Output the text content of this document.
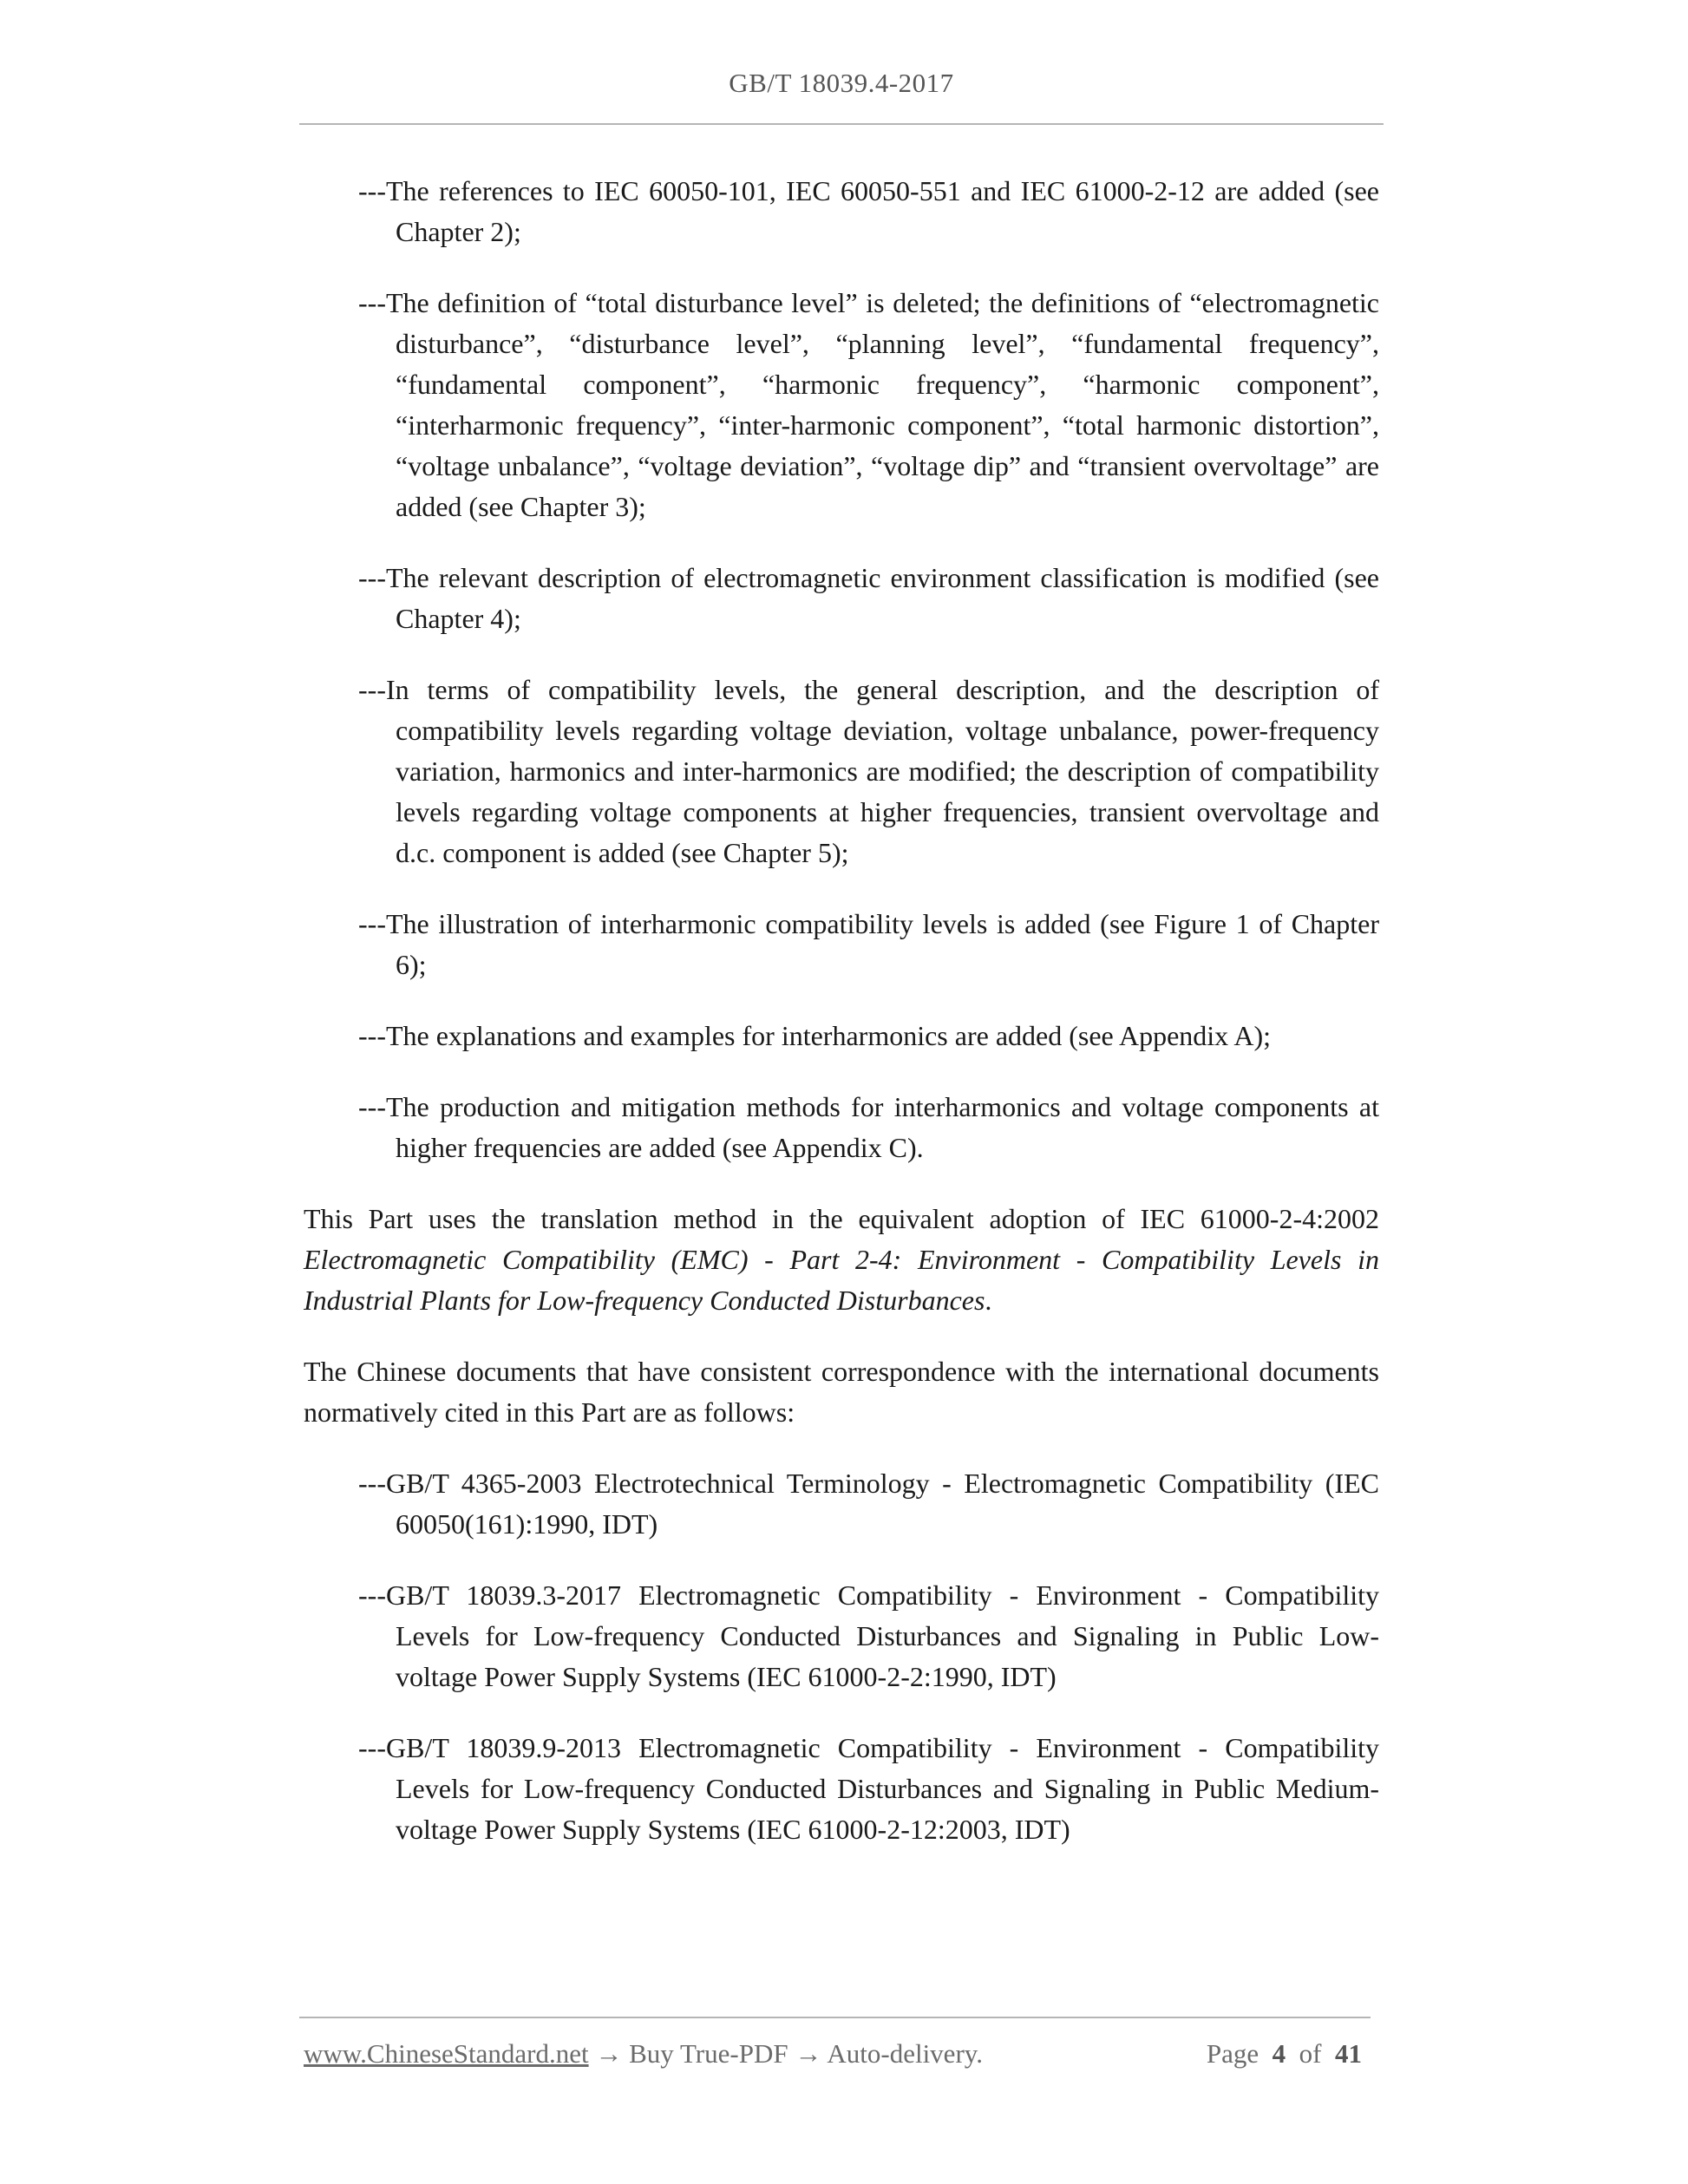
GB/T 18039.4-2017
---The references to IEC 60050-101, IEC 60050-551 and IEC 61000-2-12 are added (see Chapter 2);
---The definition of “total disturbance level” is deleted; the definitions of “electromagnetic disturbance”, “disturbance level”, “planning level”, “fundamental frequency”, “fundamental component”, “harmonic frequency”, “harmonic component”, “interharmonic frequency”, “inter-harmonic component”, “total harmonic distortion”, “voltage unbalance”, “voltage deviation”, “voltage dip” and “transient overvoltage” are added (see Chapter 3);
---The relevant description of electromagnetic environment classification is modified (see Chapter 4);
---In terms of compatibility levels, the general description, and the description of compatibility levels regarding voltage deviation, voltage unbalance, power-frequency variation, harmonics and inter-harmonics are modified; the description of compatibility levels regarding voltage components at higher frequencies, transient overvoltage and d.c. component is added (see Chapter 5);
---The illustration of interharmonic compatibility levels is added (see Figure 1 of Chapter 6);
---The explanations and examples for interharmonics are added (see Appendix A);
---The production and mitigation methods for interharmonics and voltage components at higher frequencies are added (see Appendix C).

This Part uses the translation method in the equivalent adoption of IEC 61000-2-4:2002 Electromagnetic Compatibility (EMC) - Part 2-4: Environment - Compatibility Levels in Industrial Plants for Low-frequency Conducted Disturbances.

The Chinese documents that have consistent correspondence with the international documents normatively cited in this Part are as follows:

---GB/T 4365-2003 Electrotechnical Terminology - Electromagnetic Compatibility (IEC 60050(161):1990, IDT)
---GB/T 18039.3-2017 Electromagnetic Compatibility - Environment - Compatibility Levels for Low-frequency Conducted Disturbances and Signaling in Public Low-voltage Power Supply Systems (IEC 61000-2-2:1990, IDT)
---GB/T 18039.9-2013 Electromagnetic Compatibility - Environment - Compatibility Levels for Low-frequency Conducted Disturbances and Signaling in Public Medium-voltage Power Supply Systems (IEC 61000-2-12:2003, IDT)
www.ChineseStandard.net → Buy True-PDF → Auto-delivery.	Page 4 of 41
